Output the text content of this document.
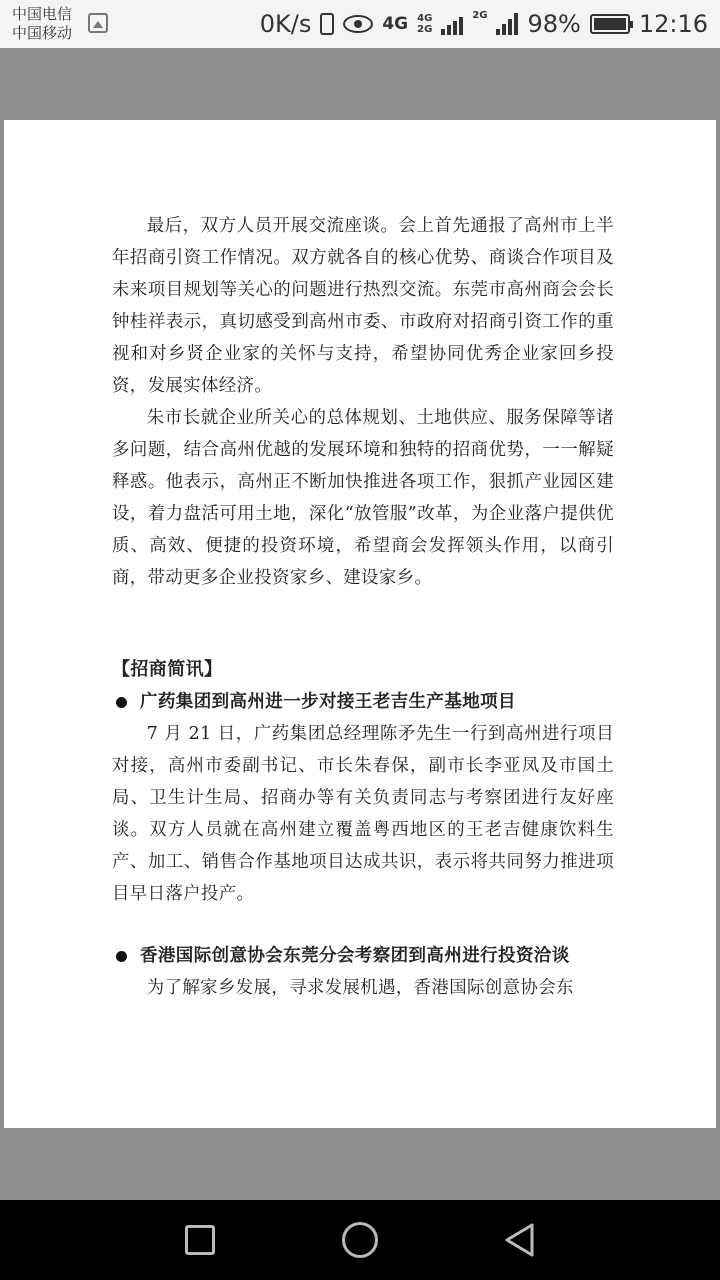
中国电信
中国移动	0K/s	4G 4G
2G
2G 98% 12:16

最后，双方人员开展交流座谈。会上首先通报了高州市上半年招商引资工作情况。双方就各自的核心优势、商谈合作项目及未来项目规划等关心的问题进行热烈交流。东莞市高州商会会长钟桂祥表示，真切感受到高州市委、市政府对招商引资工作的重视和对乡贤企业家的关怀与支持，希望协同优秀企业家回乡投资，发展实体经济。

朱市长就企业所关心的总体规划、土地供应、服务保障等诸多问题，结合高州优越的发展环境和独特的招商优势，一一解疑释惑。他表示，高州正不断加快推进各项工作，狠抓产业园区建设，着力盘活可用土地，深化“放管服”改革，为企业落户提供优质、高效、便捷的投资环境，希望商会发挥领头作用，以商引商，带动更多企业投资家乡、建设家乡。

【招商简讯】
广药集团到高州进一步对接王老吉生产基地项目

7 月 21 日，广药集团总经理陈矛先生一行到高州进行项目对接，高州市委副书记、市长朱春保，副市长李亚凤及市国土局、卫生计生局、招商办等有关负责同志与考察团进行友好座谈。双方人员就在高州建立覆盖粤西地区的王老吉健康饮料生产、加工、销售合作基地项目达成共识，表示将共同努力推进项目早日落户投产。

香港国际创意协会东莞分会考察团到高州进行投资洽谈

为了解家乡发展，寻求发展机遇，香港国际创意协会东
